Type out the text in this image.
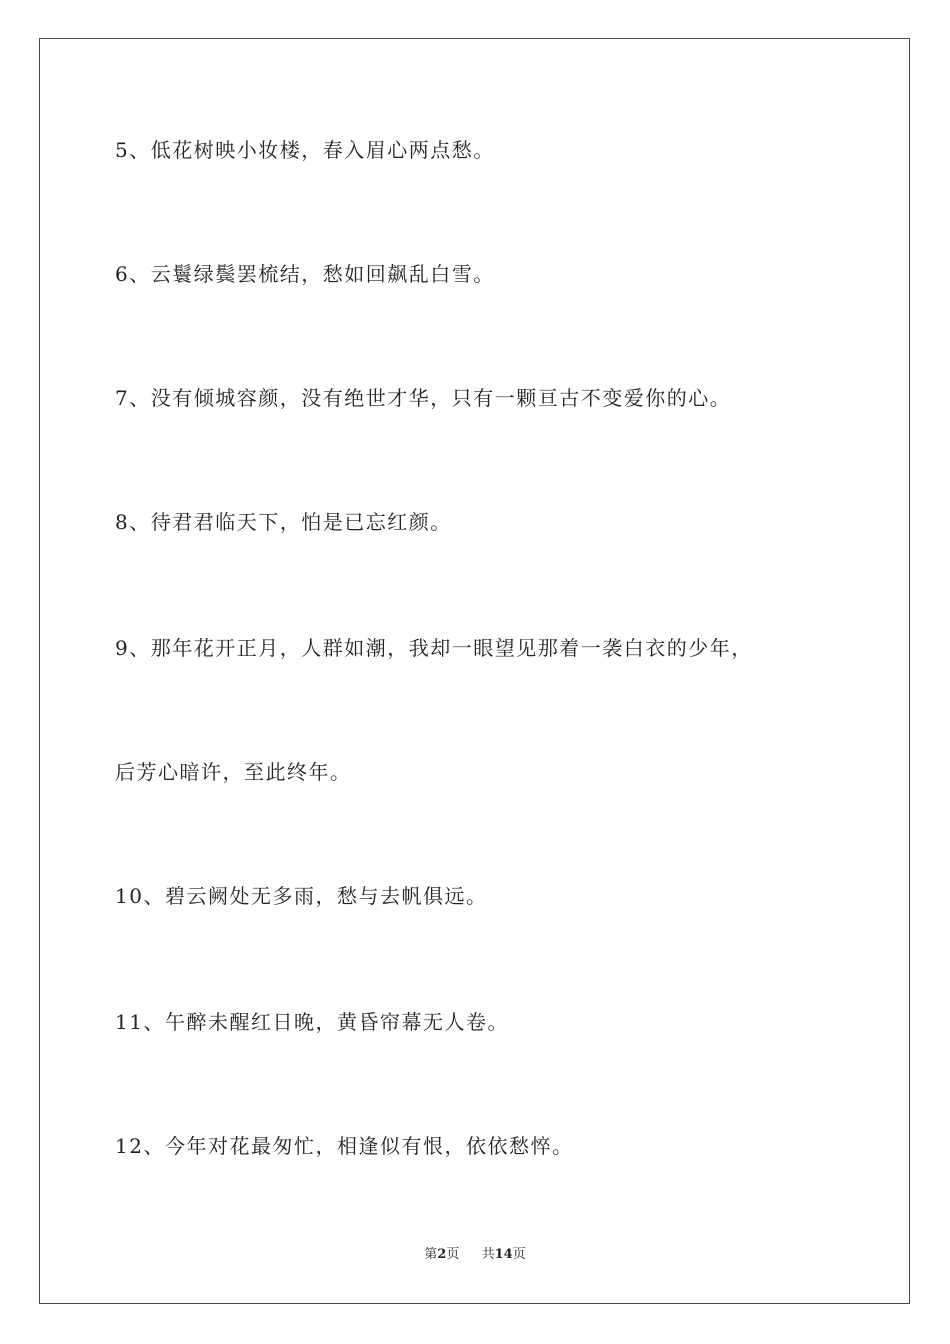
5、低花树映小妆楼，春入眉心两点愁。
6、云鬟绿鬓罢梳结，愁如回飙乱白雪。
7、没有倾城容颜，没有绝世才华，只有一颗亘古不变爱你的心。
8、待君君临天下，怕是已忘红颜。
9、那年花开正月，人群如潮，我却一眼望见那着一袭白衣的少年，
后芳心暗许，至此终年。
10、碧云阙处无多雨，愁与去帆俱远。
11、午醉未醒红日晚，黄昏帘幕无人卷。
12、今年对花最匆忙，相逢似有恨，依依愁悴。
第2页 共14页
